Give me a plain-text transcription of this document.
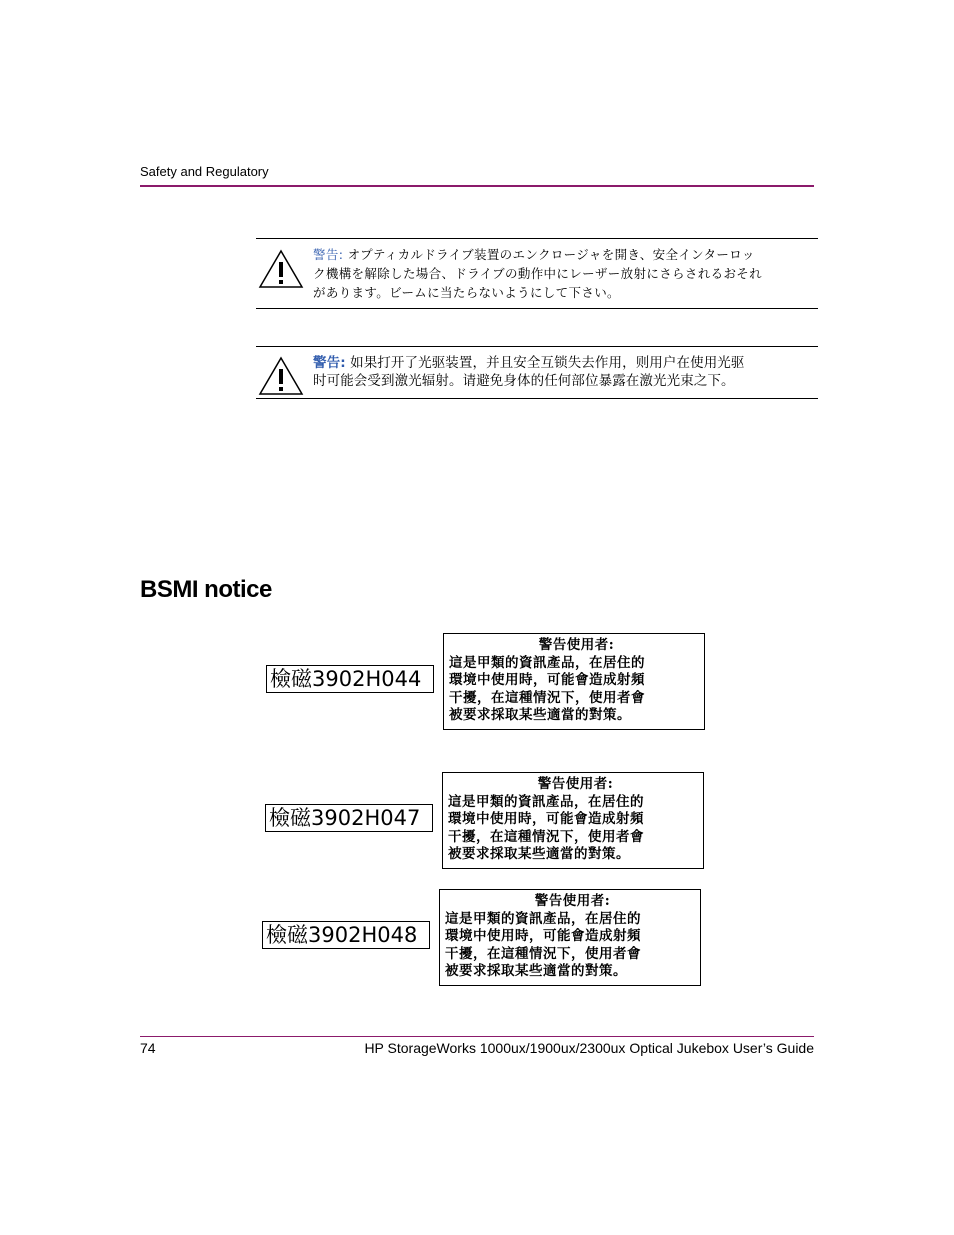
Safety and Regulatory
警告: オプティカルドライブ装置のエンクロージャを開き、安全インターロッ
ク機構を解除した場合、ドライブの動作中にレーザー放射にさらされるおそれ
があります。ビームに当たらないようにして下さい。
警告: 如果打开了光驱装置，并且安全互锁失去作用，则用户在使用光驱
时可能会受到激光辐射。请避免身体的任何部位暴露在激光光束之下。
BSMI notice
檢磁3902H044
警告使用者:
這是甲類的資訊產品，在居住的
環境中使用時，可能會造成射頻
干擾，在這種情況下，使用者會
被要求採取某些適當的對策。
檢磁3902H047
警告使用者:
這是甲類的資訊產品，在居住的
環境中使用時，可能會造成射頻
干擾，在這種情況下，使用者會
被要求採取某些適當的對策。
檢磁3902H048
警告使用者:
這是甲類的資訊產品，在居住的
環境中使用時，可能會造成射頻
干擾，在這種情況下，使用者會
被要求採取某些適當的對策。
74	HP StorageWorks 1000ux/1900ux/2300ux Optical Jukebox User’s Guide
